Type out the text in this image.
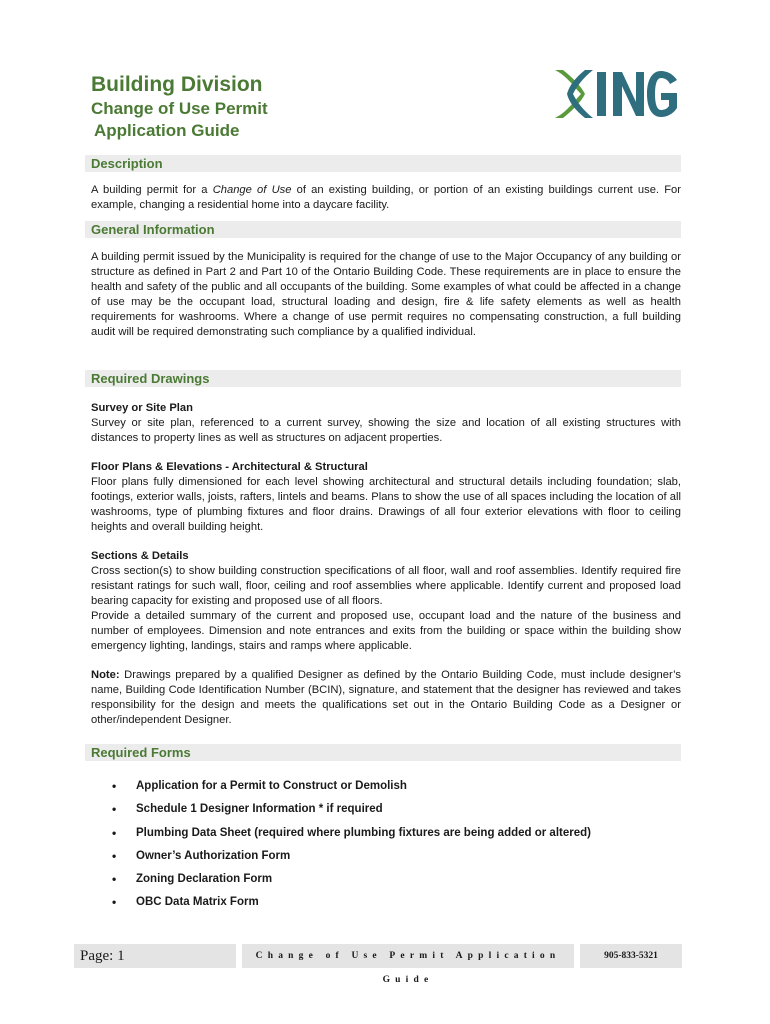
Building Division
Change of Use Permit
Application Guide
Description

A building permit for a Change of Use of an existing building, or portion of an existing buildings current use. For example, changing a residential home into a daycare facility.

General Information

A building permit issued by the Municipality is required for the change of use to the Major Occupancy of any building or structure as defined in Part 2 and Part 10 of the Ontario Building Code. These requirements are in place to ensure the health and safety of the public and all occupants of the building. Some examples of what could be affected in a change of use may be the occupant load, structural loading and design, fire & life safety elements as well as health requirements for washrooms. Where a change of use permit requires no compensating construction, a full building audit will be required demonstrating such compliance by a qualified individual.

Required Drawings

Survey or Site Plan
Survey or site plan, referenced to a current survey, showing the size and location of all existing structures with distances to property lines as well as structures on adjacent properties.

Floor Plans & Elevations - Architectural & Structural
Floor plans fully dimensioned for each level showing architectural and structural details including foundation; slab, footings, exterior walls, joists, rafters, lintels and beams. Plans to show the use of all spaces including the location of all washrooms, type of plumbing fixtures and floor drains. Drawings of all four exterior elevations with floor to ceiling heights and overall building height.

Sections & Details
Cross section(s) to show building construction specifications of all floor, wall and roof assemblies. Identify required fire resistant ratings for such wall, floor, ceiling and roof assemblies where applicable. Identify current and proposed load bearing capacity for existing and proposed use of all floors.
Provide a detailed summary of the current and proposed use, occupant load and the nature of the business and number of employees. Dimension and note entrances and exits from the building or space within the building show emergency lighting, landings, stairs and ramps where applicable.

Note: Drawings prepared by a qualified Designer as defined by the Ontario Building Code, must include designer’s name, Building Code Identification Number (BCIN), signature, and statement that the designer has reviewed and takes responsibility for the design and meets the qualifications set out in the Ontario Building Code as a Designer or other/independent Designer.

Required Forms
• Application for a Permit to Construct or Demolish
• Schedule 1 Designer Information * if required
• Plumbing Data Sheet (required where plumbing fixtures are being added or altered)
• Owner’s Authorization Form
• Zoning Declaration Form
• OBC Data Matrix Form
Page: 1	Change of Use Permit Application Guide
905-833-5321
